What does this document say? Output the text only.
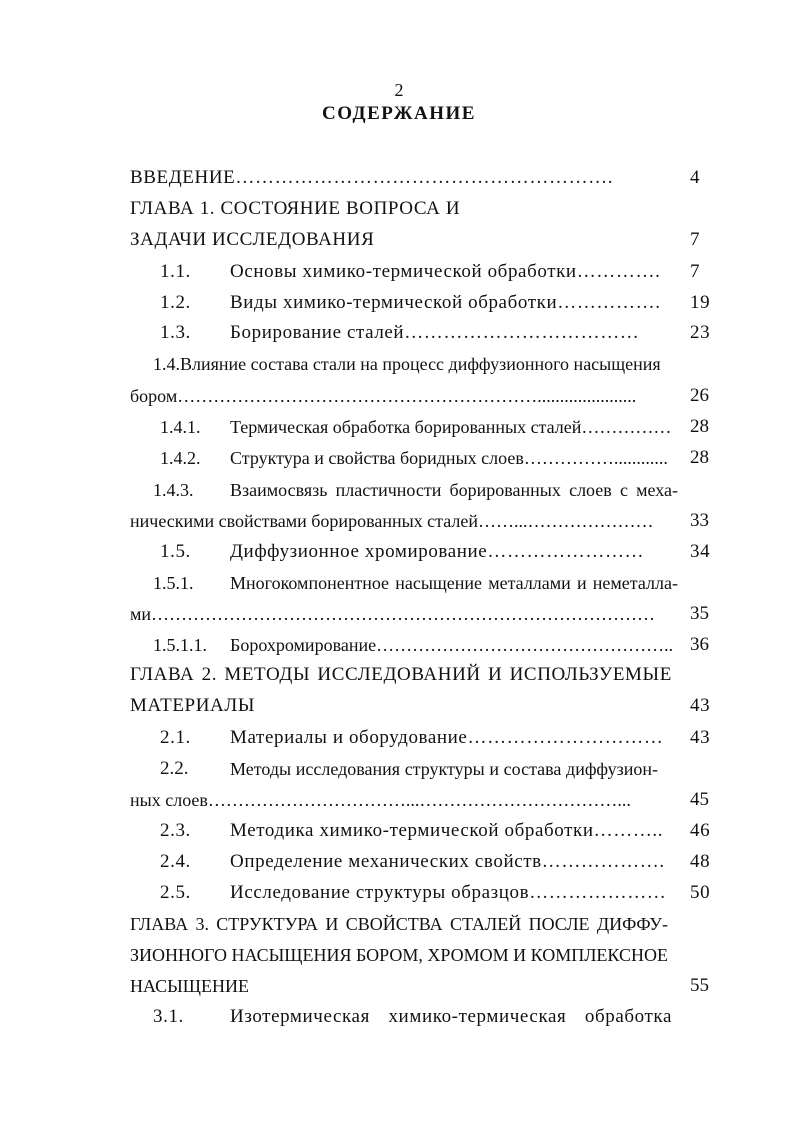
2
СОДЕРЖАНИЕ
ВВЕДЕНИЕ………………………………………………….	4
ГЛАВА 1. СОСТОЯНИЕ ВОПРОСА И
ЗАДАЧИ ИССЛЕДОВАНИЯ	7
1.1. Основы химико-термической обработки…………. 7
1.2. Виды химико-термической обработки……………. 19
1.3. Борирование сталей………………………………	23
1.4.Влияние состава стали на процесс диффузионного насыщения
бором……………………………………………………......................	26
1.4.1. Термическая обработка борированных сталей…………… 28
1.4.2. Структура и свойства боридных слоев……………............ 28
1.4.3. Взаимосвязь пластичности борированных слоев с меха-
ническими свойствами борированных сталей……...………………… 33
1.5. Диффузионное хромирование…………………… 34
1.5.1. Многокомпонентное насыщение металлами и неметалла-
ми………………………………………………………………………… 35
1.5.1.1. Борохромирование………………………………………….. 36
ГЛАВА 2. МЕТОДЫ ИССЛЕДОВАНИЙ И ИСПОЛЬЗУЕМЫЕ
МАТЕРИАЛЫ	43
2.1. Материалы и оборудование………………………… 43
2.2. Методы исследования структуры и состава диффузион-
ных слоев……………………………...……………………………...	45
2.3. Методика химико-термической обработки……….. 46
2.4. Определение механических свойств………………. 48
2.5. Исследование структуры образцов………………… 50
ГЛАВА 3. СТРУКТУРА И СВОЙСТВА СТАЛЕЙ ПОСЛЕ ДИФФУ-
ЗИОННОГО НАСЫЩЕНИЯ БОРОМ, ХРОМОМ И КОМПЛЕКСНОЕ
НАСЫЩЕНИЕ	55
3.1. Изотермическая химико-термическая обработка
